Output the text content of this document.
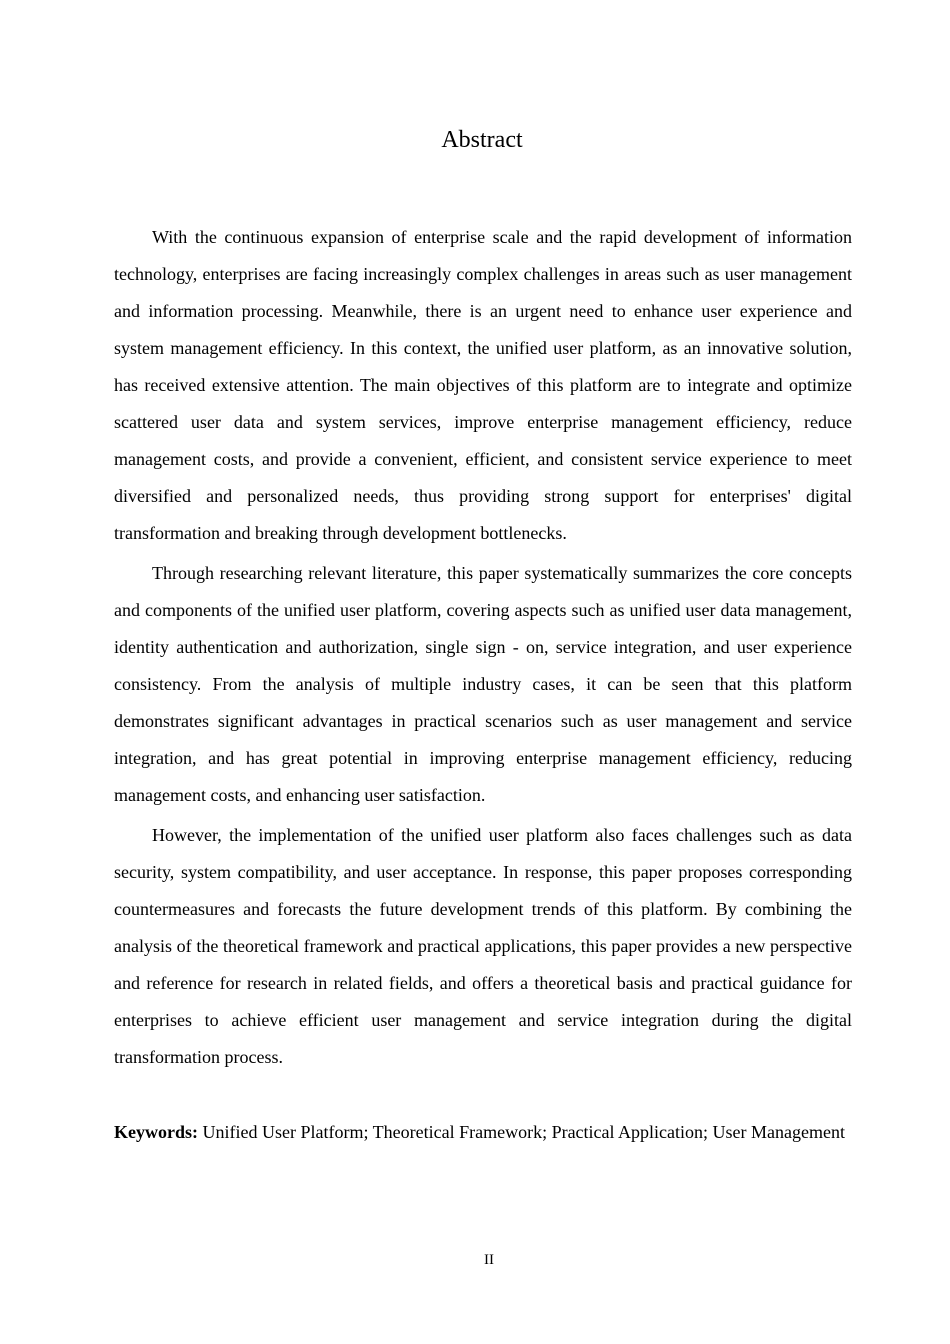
Abstract

With the continuous expansion of enterprise scale and the rapid development of information technology, enterprises are facing increasingly complex challenges in areas such as user management and information processing. Meanwhile, there is an urgent need to enhance user experience and system management efficiency. In this context, the unified user platform, as an innovative solution, has received extensive attention. The main objectives of this platform are to integrate and optimize scattered user data and system services, improve enterprise management efficiency, reduce management costs, and provide a convenient, efficient, and consistent service experience to meet diversified and personalized needs, thus providing strong support for enterprises' digital transformation and breaking through development bottlenecks.

Through researching relevant literature, this paper systematically summarizes the core concepts and components of the unified user platform, covering aspects such as unified user data management, identity authentication and authorization, single sign - on, service integration, and user experience consistency. From the analysis of multiple industry cases, it can be seen that this platform demonstrates significant advantages in practical scenarios such as user management and service integration, and has great potential in improving enterprise management efficiency, reducing management costs, and enhancing user satisfaction.

However, the implementation of the unified user platform also faces challenges such as data security, system compatibility, and user acceptance. In response, this paper proposes corresponding countermeasures and forecasts the future development trends of this platform. By combining the analysis of the theoretical framework and practical applications, this paper provides a new perspective and reference for research in related fields, and offers a theoretical basis and practical guidance for enterprises to achieve efficient user management and service integration during the digital transformation process.

Keywords: Unified User Platform; Theoretical Framework; Practical Application; User Management

II
